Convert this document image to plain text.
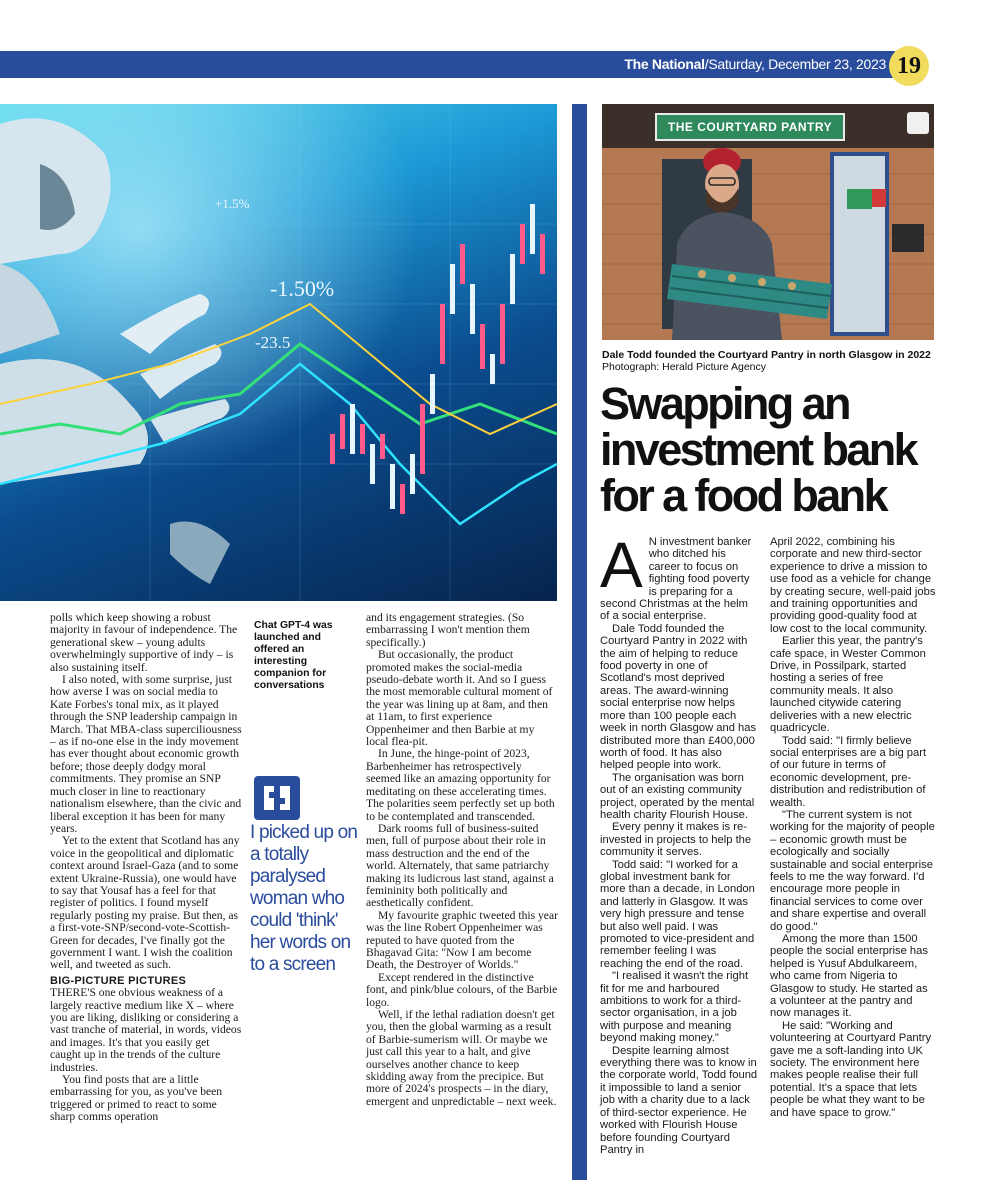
The National/Saturday, December 23, 2023 19
+1.5%
-1.50%
-23.5
THE COURTYARD PANTRY
Dale Todd founded the Courtyard Pantry in north Glasgow in 2022 Photograph: Herald Picture Agency
Swapping an investment bank for a food bank

polls which keep showing a robust majority in favour of independence. The generational skew – young adults overwhelmingly supportive of indy – is also sustaining itself.

I also noted, with some surprise, just how averse I was on social media to Kate Forbes's tonal mix, as it played through the SNP leadership campaign in March. That MBA-class superciliousness – as if no-one else in the indy movement has ever thought about economic growth before; those deeply dodgy moral commitments. They promise an SNP much closer in line to reactionary nationalism elsewhere, than the civic and liberal exception it has been for many years.

Yet to the extent that Scotland has any voice in the geopolitical and diplomatic context around Israel-Gaza (and to some extent Ukraine-Russia), one would have to say that Yousaf has a feel for that register of politics. I found myself regularly posting my praise. But then, as a first-vote-SNP/second-vote-Scottish-Green for decades, I've finally got the government I want. I wish the coalition well, and tweeted as such.

BIG-PICTURE PICTURES

THERE'S one obvious weakness of a largely reactive medium like X – where you are liking, disliking or considering a vast tranche of material, in words, videos and images. It's that you easily get caught up in the trends of the culture industries.

You find posts that are a little embarrassing for you, as you've been triggered or primed to react to some sharp comms operation

Chat GPT-4 was launched and offered an interesting companion for conversations
I picked up on a totally paralysed woman who could 'think' her words on to a screen

and its engagement strategies. (So embarrassing I won't mention them specifically.)

But occasionally, the product promoted makes the social-media pseudo-debate worth it. And so I guess the most memorable cultural moment of the year was lining up at 8am, and then at 11am, to first experience Oppenheimer and then Barbie at my local flea-pit.

In June, the hinge-point of 2023, Barbenheimer has retrospectively seemed like an amazing opportunity for meditating on these accelerating times. The polarities seem perfectly set up both to be contemplated and transcended.

Dark rooms full of business-suited men, full of purpose about their role in mass destruction and the end of the world. Alternately, that same patriarchy making its ludicrous last stand, against a femininity both politically and aesthetically confident.

My favourite graphic tweeted this year was the line Robert Oppenheimer was reputed to have quoted from the Bhagavad Gita: "Now I am become Death, the Destroyer of Worlds."

Except rendered in the distinctive font, and pink/blue colours, of the Barbie logo.

Well, if the lethal radiation doesn't get you, then the global warming as a result of Barbie-sumerism will. Or maybe we just call this year to a halt, and give ourselves another chance to keep skidding away from the precipice. But more of 2024's prospects – in the diary, emergent and unpredictable – next week.

A N investment banker who ditched his career to focus on fighting food poverty is preparing for a second Christmas at the helm of a social enterprise.

Dale Todd founded the Courtyard Pantry in 2022 with the aim of helping to reduce food poverty in one of Scotland's most deprived areas. The award-winning social enterprise now helps more than 100 people each week in north Glasgow and has distributed more than £400,000 worth of food. It has also helped people into work.

The organisation was born out of an existing community project, operated by the mental health charity Flourish House.

Every penny it makes is re-invested in projects to help the community it serves.

Todd said: "I worked for a global investment bank for more than a decade, in London and latterly in Glasgow. It was very high pressure and tense but also well paid. I was promoted to vice-president and remember feeling I was reaching the end of the road.

"I realised it wasn't the right fit for me and harboured ambitions to work for a third-sector organisation, in a job with purpose and meaning beyond making money."

Despite learning almost everything there was to know in the corporate world, Todd found it impossible to land a senior job with a charity due to a lack of third-sector experience. He worked with Flourish House before founding Courtyard Pantry in

April 2022, combining his corporate and new third-sector experience to drive a mission to use food as a vehicle for change by creating secure, well-paid jobs and training opportunities and providing good-quality food at low cost to the local community.

Earlier this year, the pantry's cafe space, in Wester Common Drive, in Possilpark, started hosting a series of free community meals. It also launched citywide catering deliveries with a new electric quadricycle.

Todd said: "I firmly believe social enterprises are a big part of our future in terms of economic development, pre-distribution and redistribution of wealth.

"The current system is not working for the majority of people – economic growth must be ecologically and socially sustainable and social enterprise feels to me the way forward. I'd encourage more people in financial services to come over and share expertise and overall do good."

Among the more than 1500 people the social enterprise has helped is Yusuf Abdulkareem, who came from Nigeria to Glasgow to study. He started as a volunteer at the pantry and now manages it.

He said: "Working and volunteering at Courtyard Pantry gave me a soft-landing into UK society. The environment here makes people realise their full potential. It's a space that lets people be what they want to be and have space to grow."
